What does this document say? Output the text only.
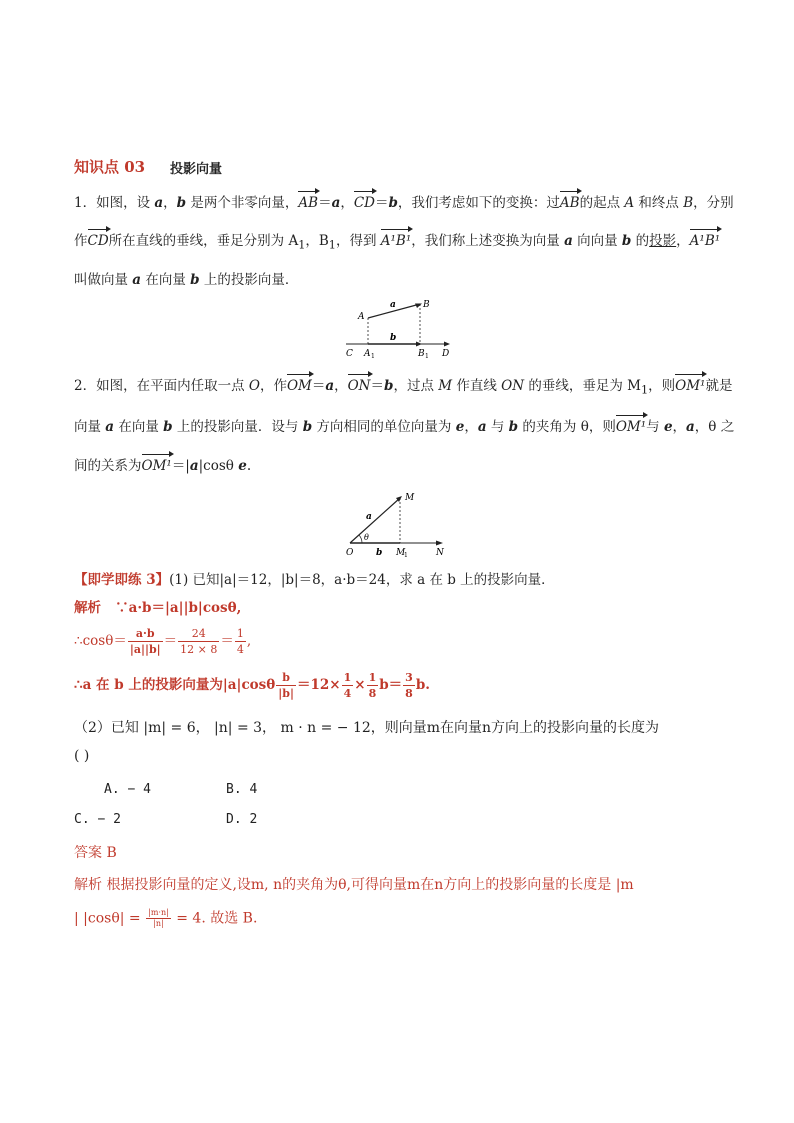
知识点 03 投影向量
1．如图，设 a，b 是两个非零向量，AB＝a，CD＝b，我们考虑如下的变换：过AB的起点 A 和终点 B，分别
作CD所在直线的垂线，垂足分别为 $A_1$，$B_1$，得到 A¹B¹，我们称上述变换为向量 a 向向量 b 的投影，A¹B¹
叫做向量 a 在向量 b 上的投影向量．
A
B
C	D
A 1	B 1
a
b
2．如图，在平面内任取一点 O，作OM＝a，ON＝b，过点 M 作直线 ON 的垂线，垂足为 $M_1$，则OM¹就是
向量 a 在向量 b 上的投影向量．设与 b 方向相同的单位向量为 e，a 与 b 的夹角为 θ，则OM¹与 e，a，θ 之
间的关系为OM¹＝|a|cosθ e.
O
M
N
M
1
a
b
θ
【即学即练 3】(1) 已知|a|＝12，|b|＝8，a·b＝24，求 a 在 b 上的投影向量．
解析 ∵a·b＝|a||b|cosθ,
∴cosθ＝ $\frac{a\cdot b}{|a||b|} = \frac{24}{12 \times 8} = \frac{1}{4}$ ,
∴a 在 b 上的投影向量为$|a|\cos\theta \frac{b}{|b|} =12\times \frac{1}{4} \times \frac{1}{8} b= \frac{3}{8} b$.
（2）已知 |m| = 6， |n| = 3， m · n = − 12，则向量m在向量n方向上的投影向量的长度为
( )
A. − 4	B. 4
C. − 2	D. 2
答案 B
解析 根据投影向量的定义,设m, n的夹角为θ,可得向量m在n方向上的投影向量的长度是 |m
| $|\cos\theta| = \frac{|m\cdot n|}{|n|} = 4$. 故选 B.
